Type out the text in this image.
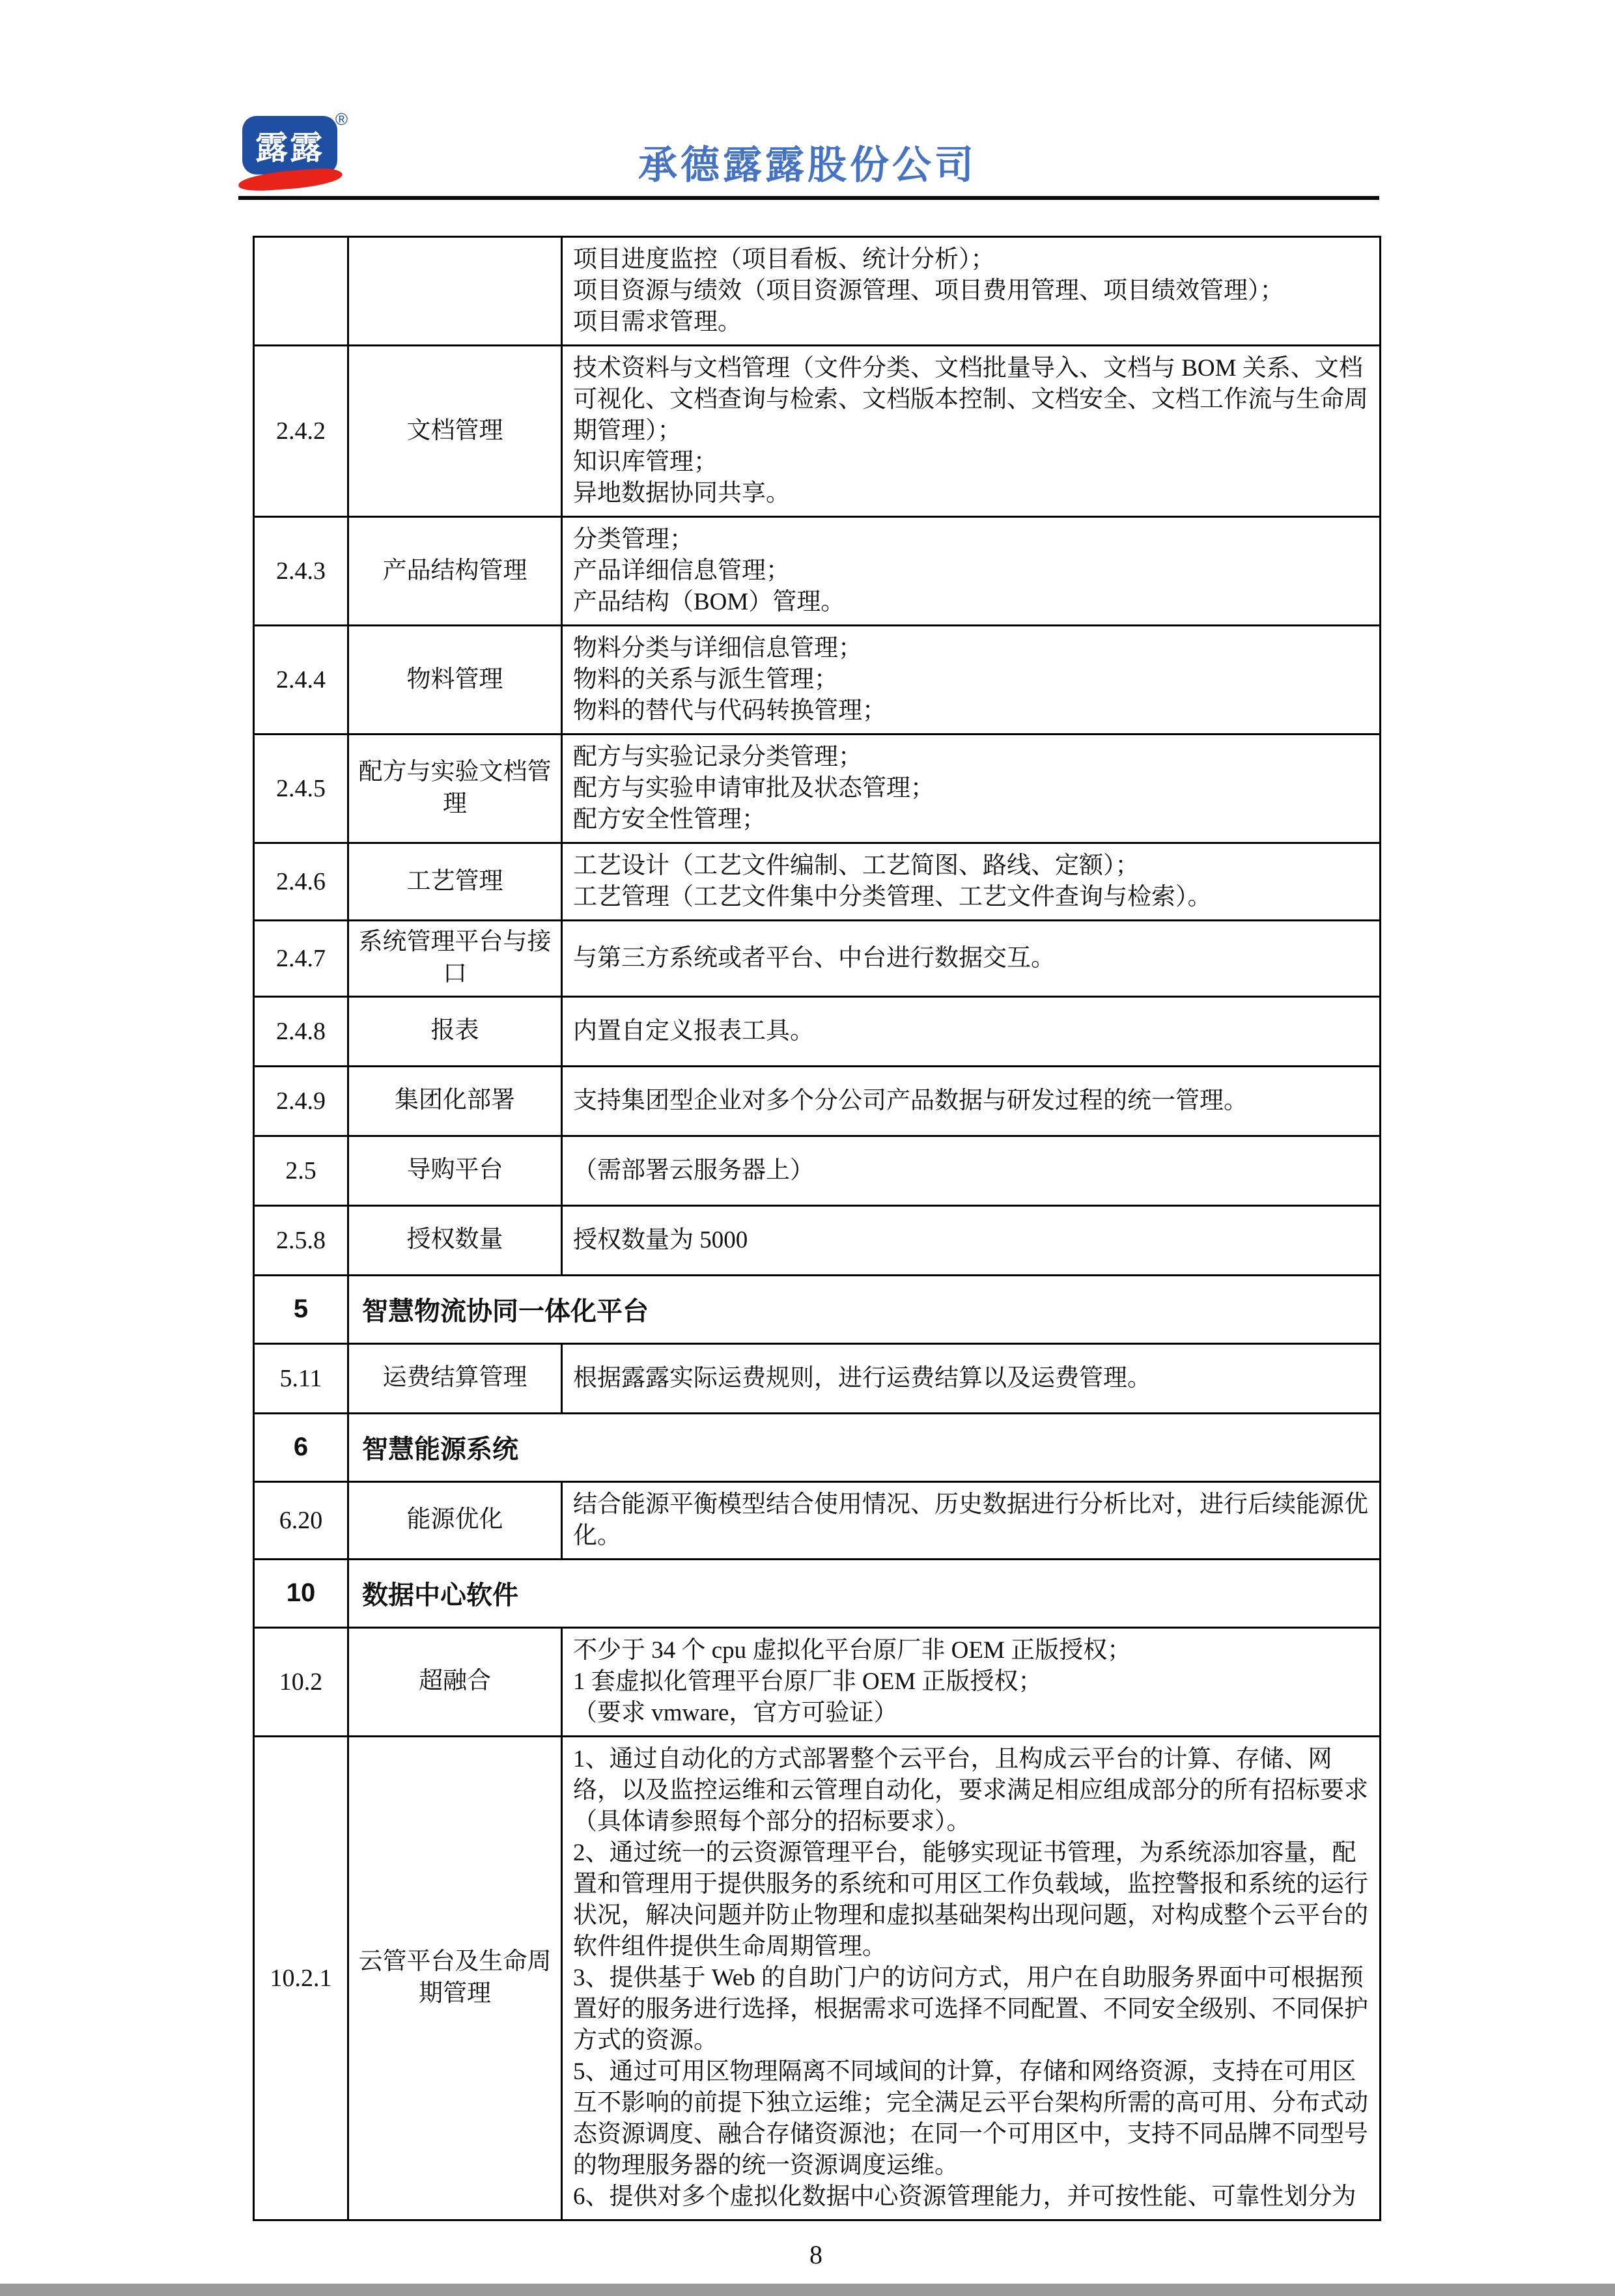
露露
®
承德露露股份公司

		项目进度监控（项目看板、统计分析）；
项目资源与绩效（项目资源管理、项目费用管理、项目绩效管理）；
项目需求管理。

2.4.2	文档管理	技术资料与文档管理（文件分类、文档批量导入、文档与 BOM 关系、文档可视化、文档查询与检索、文档版本控制、文档安全、文档工作流与生命周期管理）；
知识库管理；
异地数据协同共享。

2.4.3	产品结构管理	分类管理；
产品详细信息管理；
产品结构（BOM）管理。

2.4.4	物料管理	物料分类与详细信息管理；
物料的关系与派生管理；
物料的替代与代码转换管理；

2.4.5	配方与实验文档管理	配方与实验记录分类管理；
配方与实验申请审批及状态管理；
配方安全性管理；

2.4.6	工艺管理	工艺设计（工艺文件编制、工艺简图、路线、定额）；
工艺管理（工艺文件集中分类管理、工艺文件查询与检索）。

2.4.7	系统管理平台与接口	与第三方系统或者平台、中台进行数据交互。

2.4.8	报表	内置自定义报表工具。

2.4.9	集团化部署	支持集团型企业对多个分公司产品数据与研发过程的统一管理。

2.5	导购平台	（需部署云服务器上）

2.5.8	授权数量	授权数量为 5000

5	智慧物流协同一体化平台	
5.11	运费结算管理	根据露露实际运费规则，进行运费结算以及运费管理。

6	智慧能源系统	
6.20	能源优化	结合能源平衡模型结合使用情况、历史数据进行分析比对，进行后续能源优化。

10	数据中心软件	
10.2	超融合	不少于 34 个 cpu 虚拟化平台原厂非 OEM 正版授权；
1 套虚拟化管理平台原厂非 OEM 正版授权；
（要求 vmware，官方可验证）

10.2.1	云管平台及生命周期管理	1、通过自动化的方式部署整个云平台，且构成云平台的计算、存储、网络，以及监控运维和云管理自动化，要求满足相应组成部分的所有招标要求（具体请参照每个部分的招标要求）。
2、通过统一的云资源管理平台，能够实现证书管理，为系统添加容量，配置和管理用于提供服务的系统和可用区工作负载域，监控警报和系统的运行状况，解决问题并防止物理和虚拟基础架构出现问题，对构成整个云平台的软件组件提供生命周期管理。
3、提供基于 Web 的自助门户的访问方式，用户在自助服务界面中可根据预置好的服务进行选择，根据需求可选择不同配置、不同安全级别、不同保护方式的资源。
5、通过可用区物理隔离不同域间的计算，存储和网络资源，支持在可用区互不影响的前提下独立运维；完全满足云平台架构所需的高可用、分布式动态资源调度、融合存储资源池；在同一个可用区中，支持不同品牌不同型号的物理服务器的统一资源调度运维。
6、提供对多个虚拟化数据中心资源管理能力，并可按性能、可靠性划分为
8
